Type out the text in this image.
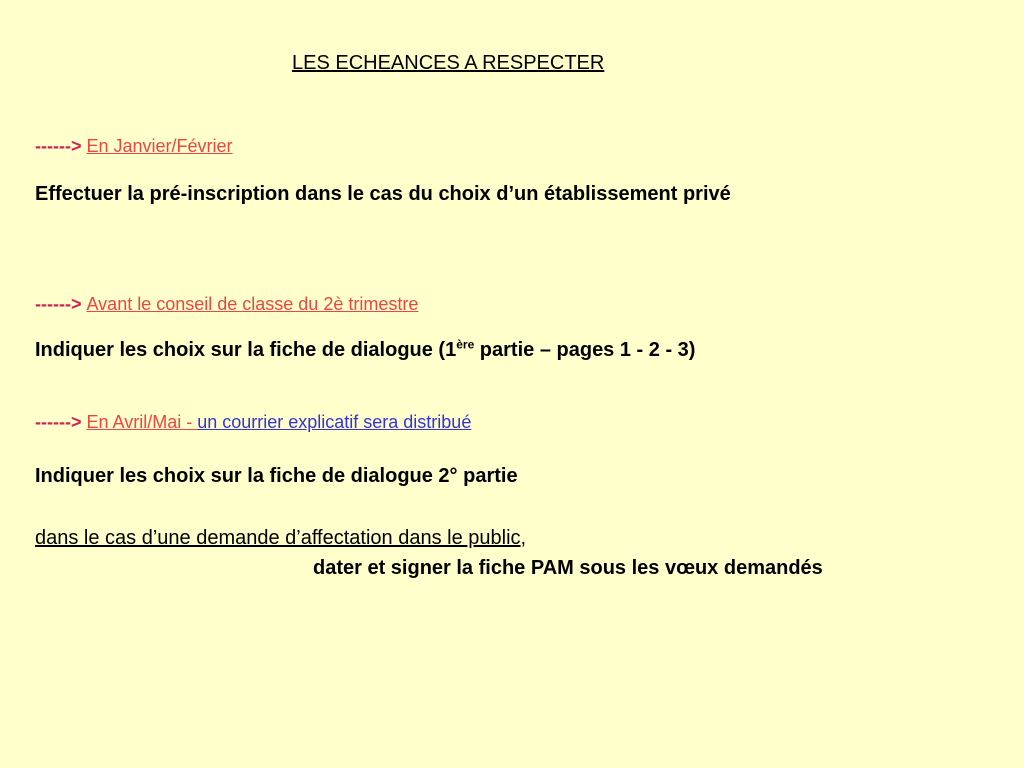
LES ECHEANCES A RESPECTER
------> En Janvier/Février
Effectuer la pré-inscription dans le cas du choix d’un établissement privé
------> Avant le conseil de classe du 2è trimestre
Indiquer les choix sur la fiche de dialogue (1ère partie – pages 1 - 2 - 3)
------> En Avril/Mai - un courrier explicatif sera distribué
Indiquer les choix sur la fiche de dialogue 2° partie
dans le cas d’une demande d’affectation dans le public,
dater et signer la fiche PAM sous les vœux demandés
